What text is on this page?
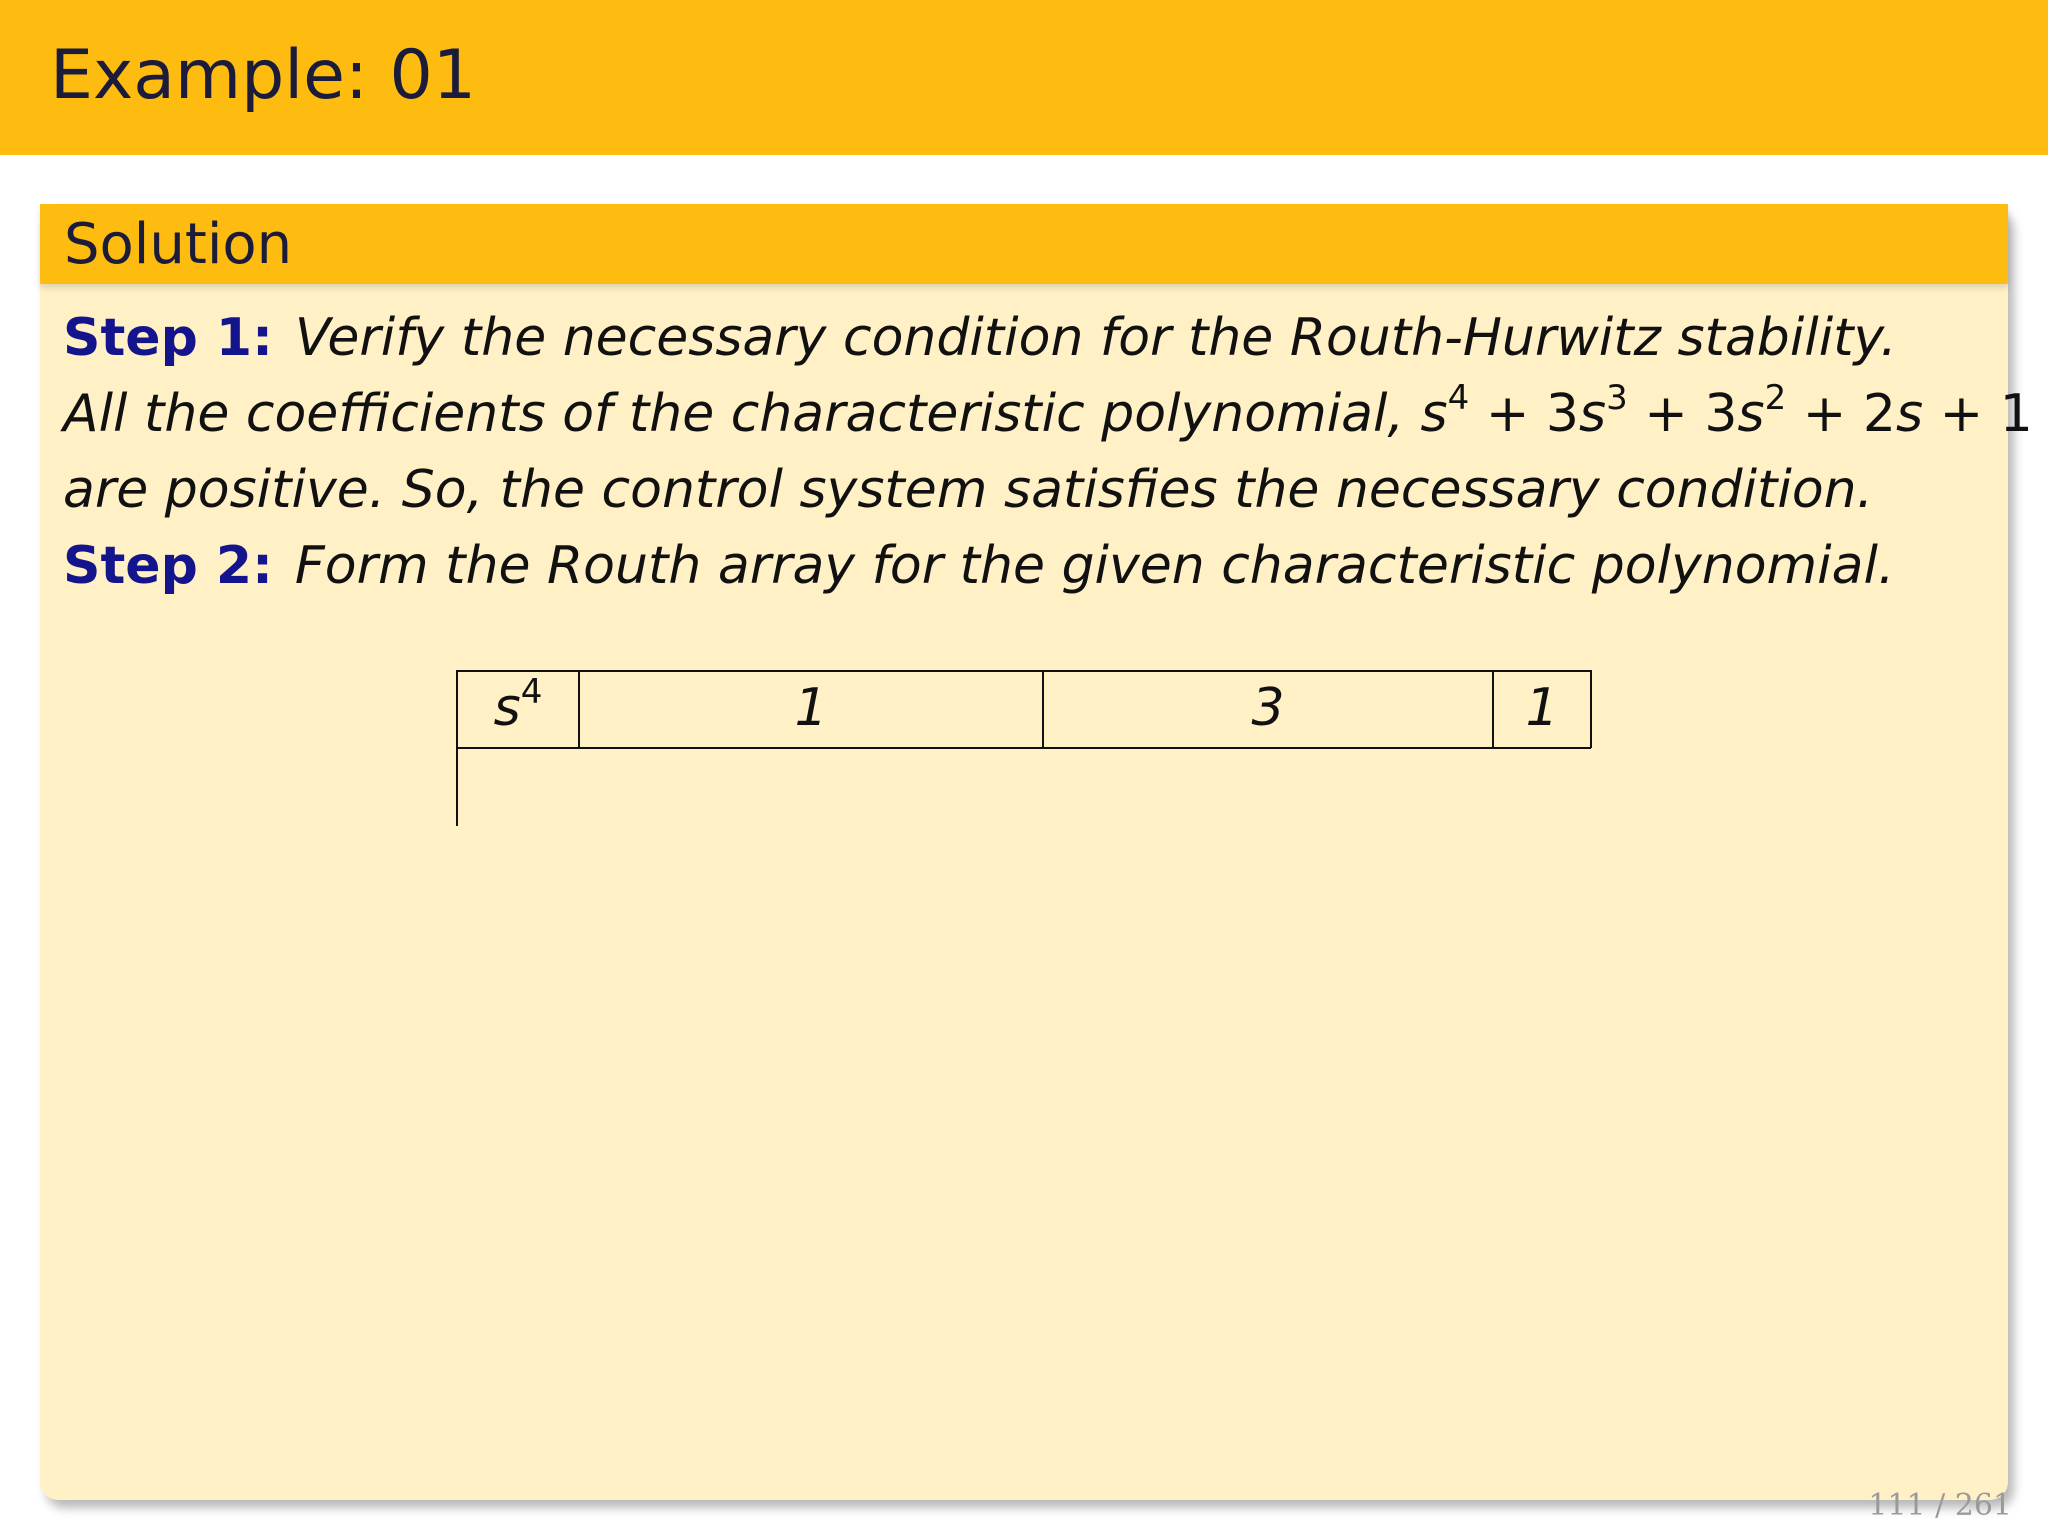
Example: 01
Solution
Step 1: Verify the necessary condition for the Routh-Hurwitz stability.
All the coefficients of the characteristic polynomial, $s^4 + 3s^3 + 3s^2 + 2s + 1$
are positive. So, the control system satisfies the necessary condition.
Step 2: Form the Routh array for the given characteristic polynomial.
$s^4$	1	3	1
111 / 261
